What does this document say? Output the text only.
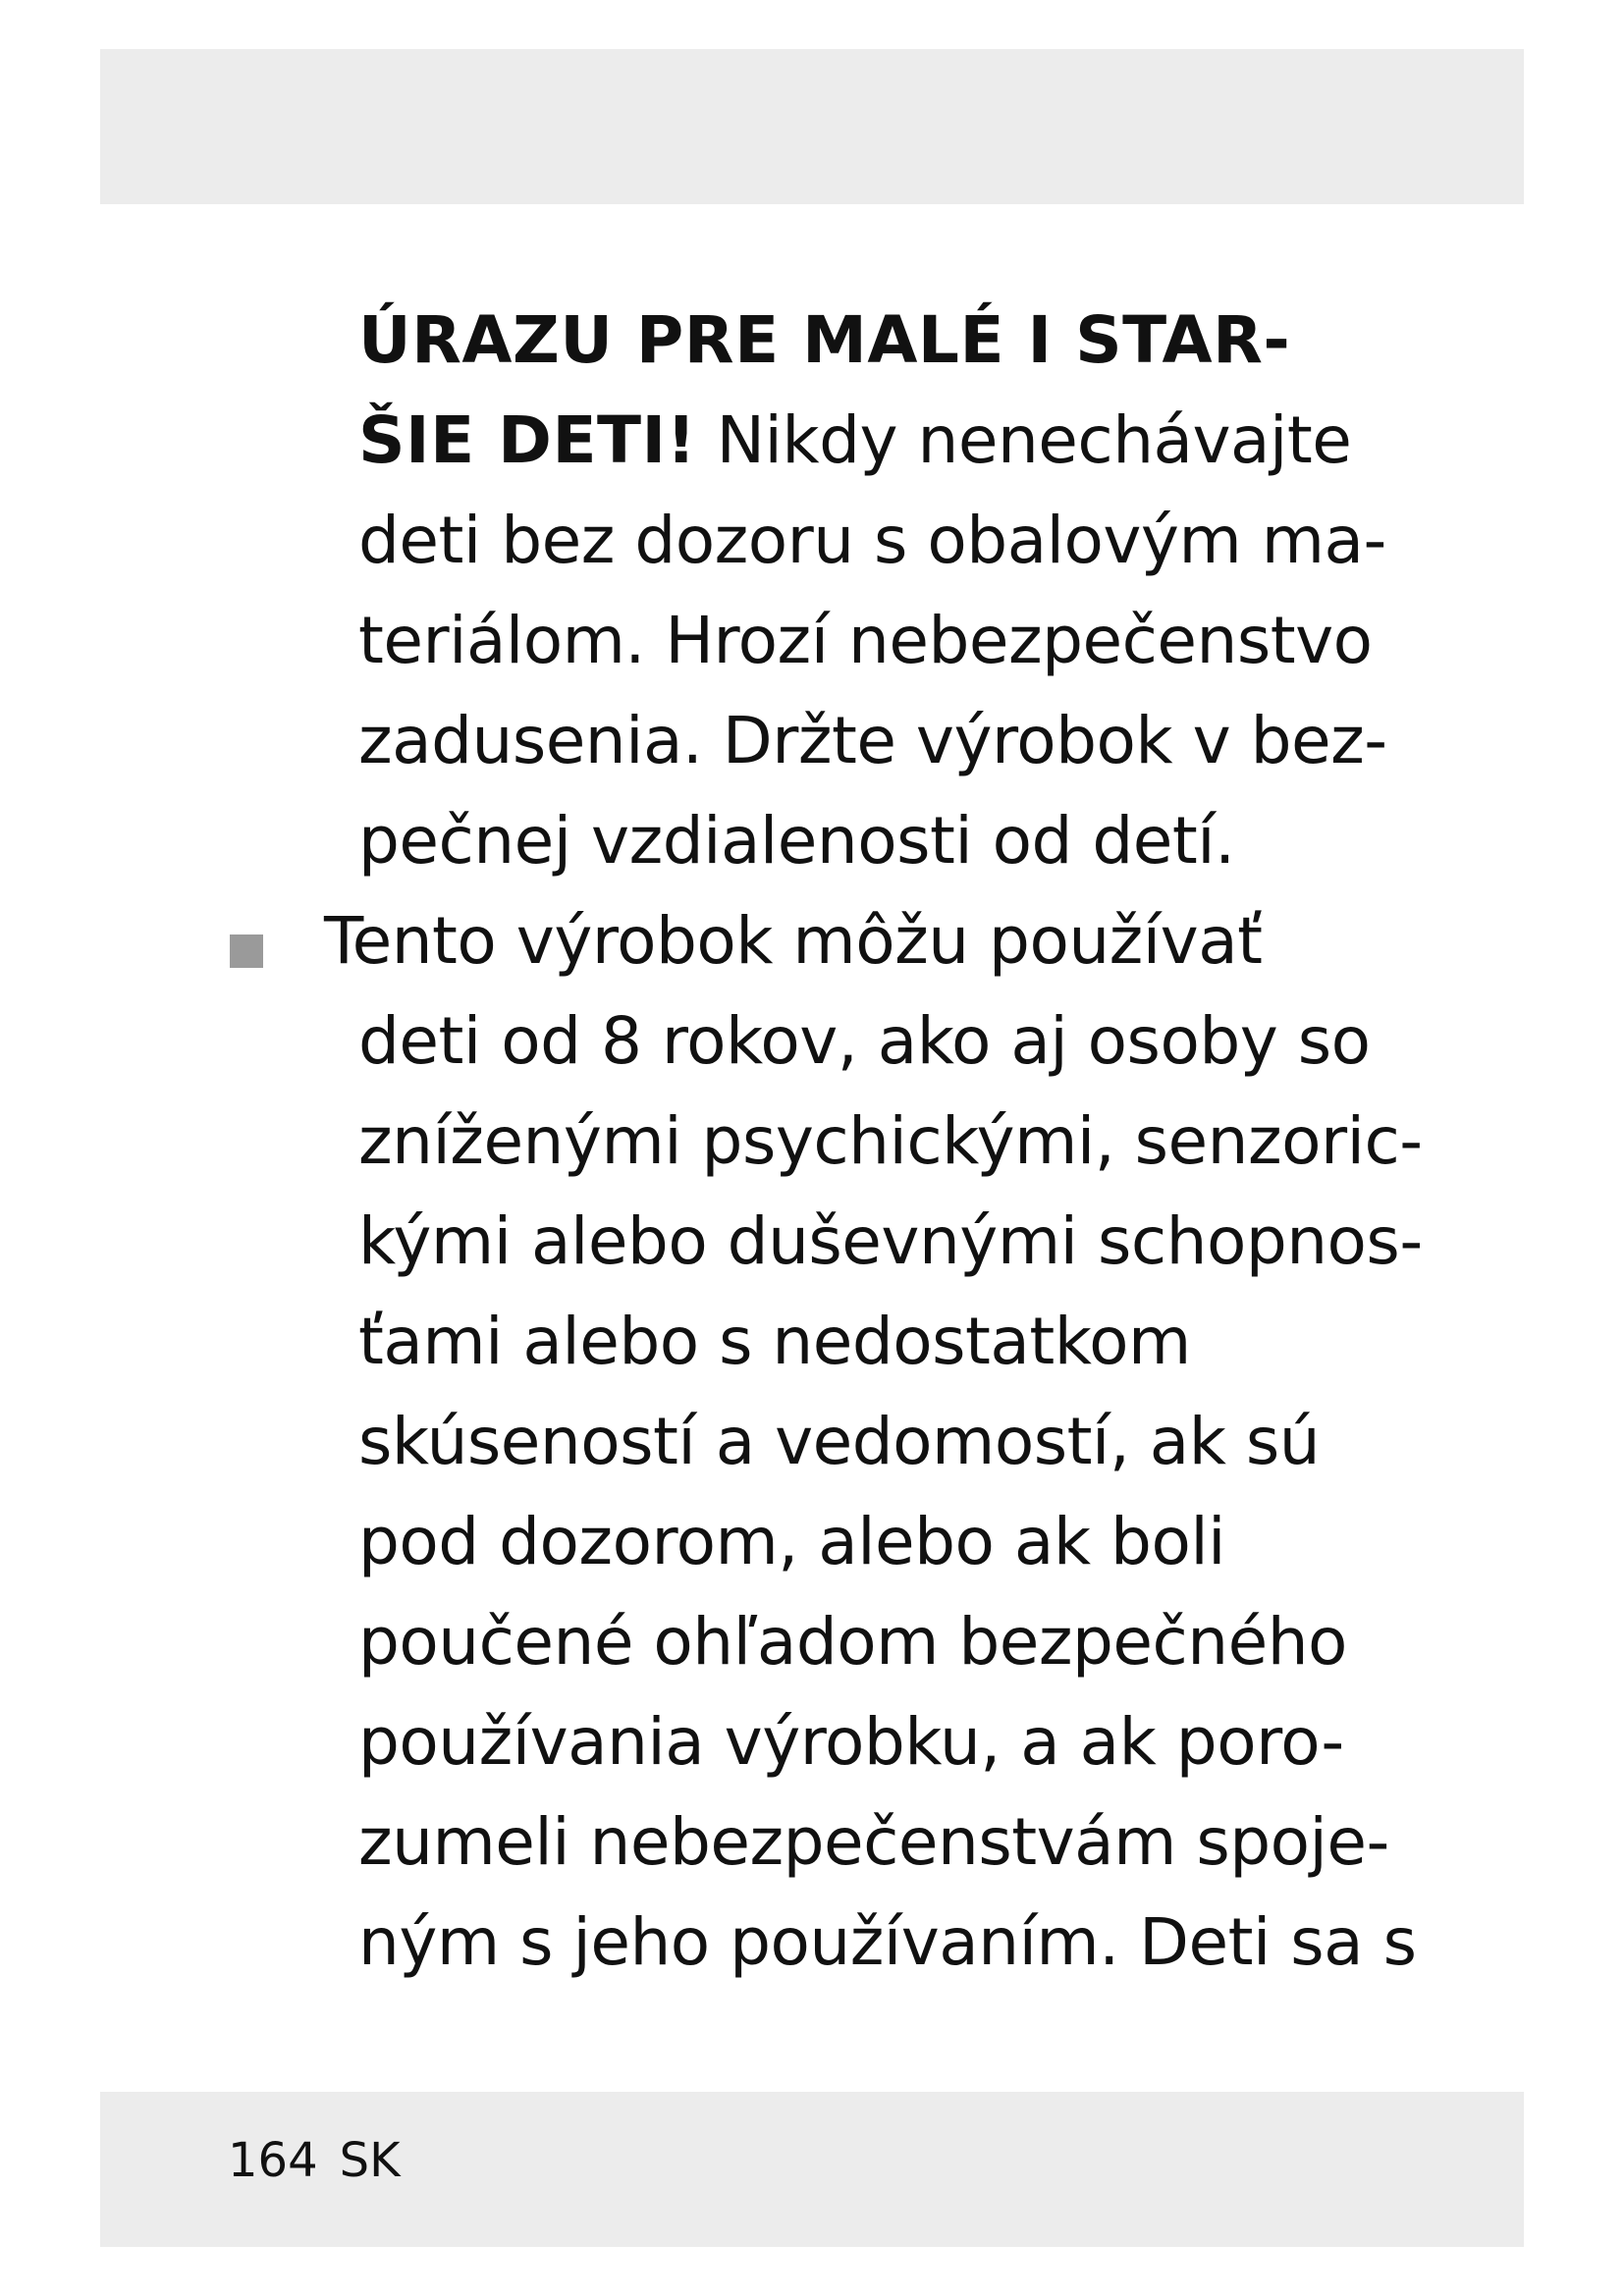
ÚRAZU PRE MALÉ I STAR-
ŠIE DETI! Nikdy nenechávajte
deti bez dozoru s obalovým ma-
teriálom. Hrozí nebezpečenstvo
zadusenia. Držte výrobok v bez-
pečnej vzdialenosti od detí.
Tento výrobok môžu používať
deti od 8 rokov, ako aj osoby so
zníženými psychickými, senzoric-
kými alebo duševnými schopnos-
ťami alebo s nedostatkom
skúseností a vedomostí, ak sú
pod dozorom, alebo ak boli
poučené ohľadom bezpečného
používania výrobku, a ak poro-
zumeli nebezpečenstvám spoje-
ným s jeho používaním. Deti sa s
164 SK
